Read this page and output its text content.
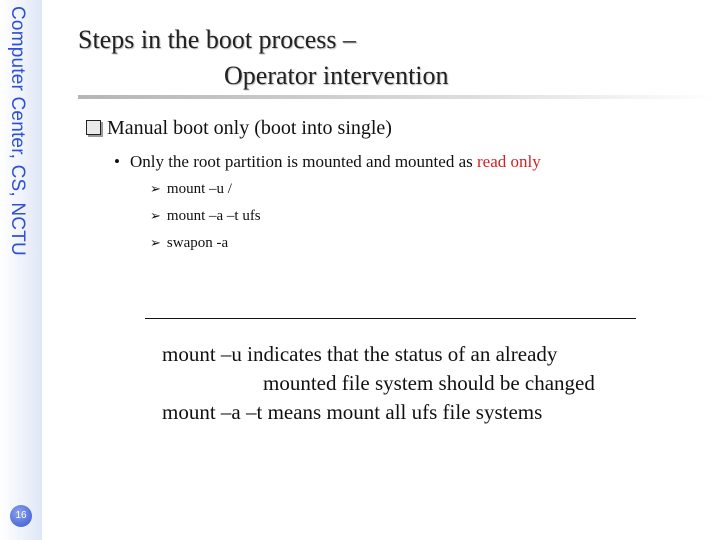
Computer Center, CS, NCTU
16
Steps in the boot process –
Operator intervention
Manual boot only (boot into single)
• Only the root partition is mounted and mounted as read only
➢ mount –u /
➢ mount –a –t ufs
➢ swapon -a
mount –u indicates that the status of an already
mounted file system should be changed
mount –a –t means mount all ufs file systems
